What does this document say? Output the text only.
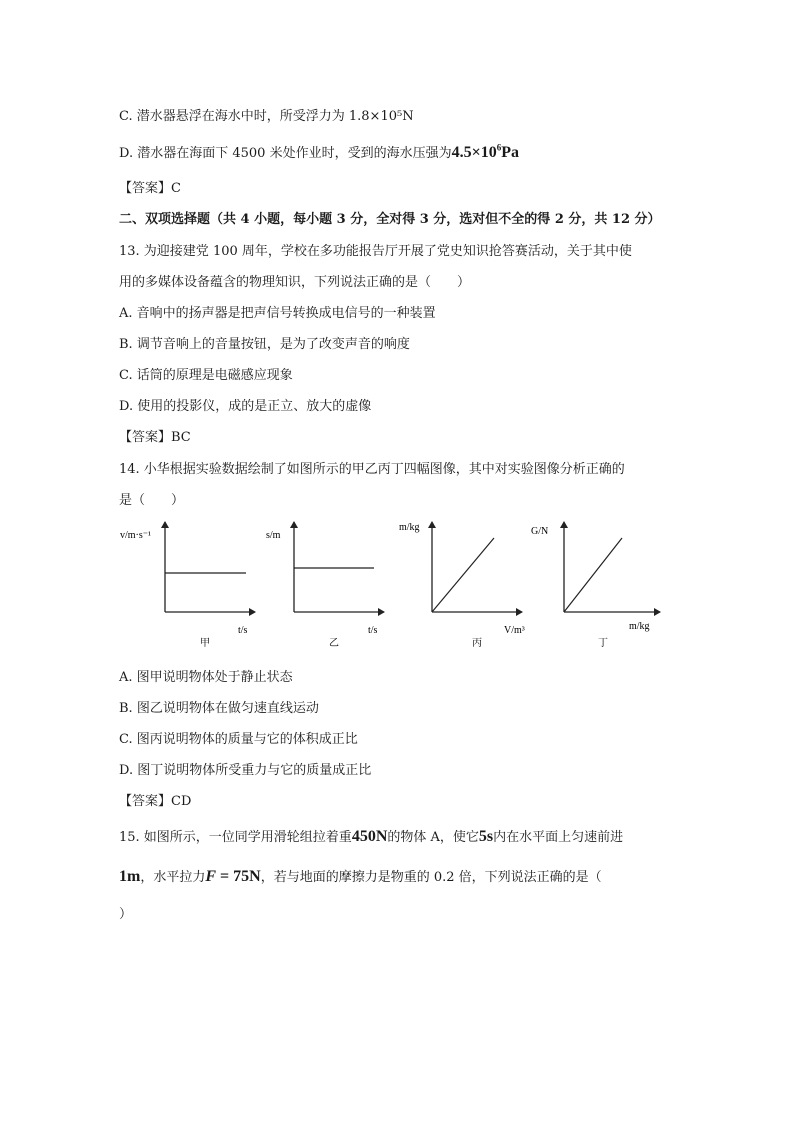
C. 潜水器悬浮在海水中时，所受浮力为 1.8×10⁵N
D. 潜水器在海面下 4500 米处作业时，受到的海水压强为$4.5\times 10^6Pa$
【答案】C
二、双项选择题（共 4 小题，每小题 3 分，全对得 3 分，选对但不全的得 2 分，共 12 分）
13. 为迎接建党 100 周年，学校在多功能报告厅开展了党史知识抢答赛活动，关于其中使
用的多媒体设备蕴含的物理知识，下列说法正确的是（　　）
A. 音响中的扬声器是把声信号转换成电信号的一种装置
B. 调节音响上的音量按钮，是为了改变声音的响度
C. 话筒的原理是电磁感应现象
D. 使用的投影仪，成的是正立、放大的虚像
【答案】BC
14. 小华根据实验数据绘制了如图所示的甲乙丙丁四幅图像，其中对实验图像分析正确的
是（　　）
v/m·s⁻¹
t/s
甲
s/m
t/s
乙
m/kg
V/m³
丙
G/N
m/kg
丁
A. 图甲说明物体处于静止状态
B. 图乙说明物体在做匀速直线运动
C. 图丙说明物体的质量与它的体积成正比
D. 图丁说明物体所受重力与它的质量成正比
【答案】CD
15. 如图所示，一位同学用滑轮组拉着重450N的物体 A，使它5s内在水平面上匀速前进
1m，水平拉力F = 75N，若与地面的摩擦力是物重的 0.2 倍，下列说法正确的是（
）
